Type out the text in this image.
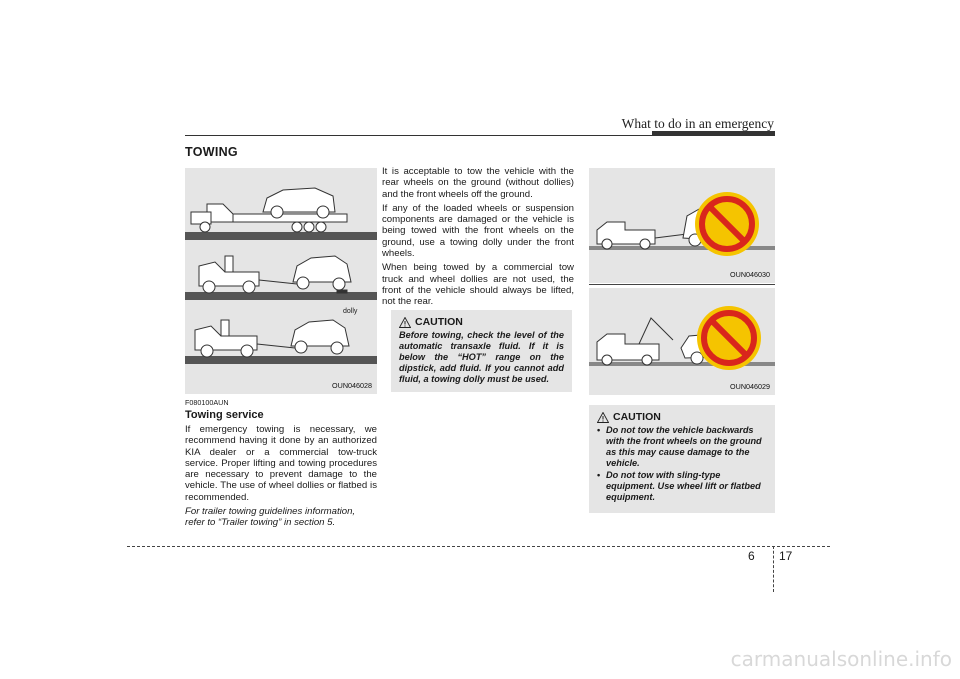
What to do in an emergency
TOWING
dolly
OUN046028
F080100AUN
Towing service

If emergency towing is necessary, we recommend having it done by an authorized KIA dealer or a commercial tow-truck service. Proper lifting and towing procedures are necessary to prevent damage to the vehicle. The use of wheel dollies or flatbed is recommended.

For trailer towing guidelines information, refer to “Trailer towing” in section 5.

It is acceptable to tow the vehicle with the rear wheels on the ground (without dollies) and the front wheels off the ground.

If any of the loaded wheels or suspension components are damaged or the vehicle is being towed with the front wheels on the ground, use a towing dolly under the front wheels.

When being towed by a commercial tow truck and wheel dollies are not used, the front of the vehicle should always be lifted, not the rear.

CAUTION
Before towing, check the level of the automatic transaxle fluid. If it is below the “HOT” range on the dipstick, add fluid. If you cannot add fluid, a towing dolly must be used.
OUN046030
OUN046029
CAUTION
• Do not tow the vehicle backwards with the front wheels on the ground as this may cause damage to the vehicle.
• Do not tow with sling-type equipment. Use wheel lift or flatbed equipment.
6 17
carmanualsonline.info
